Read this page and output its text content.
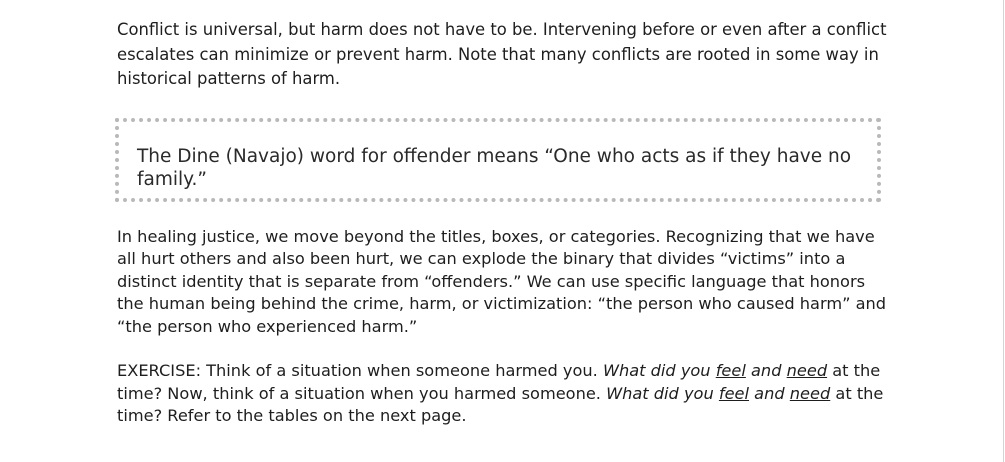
Conflict is universal, but harm does not have to be. Intervening before or even after a conflict escalates can minimize or prevent harm. Note that many conflicts are rooted in some way in historical patterns of harm.

The Dine (Navajo) word for offender means “One who acts as if they have no family.”

In healing justice, we move beyond the titles, boxes, or categories. Recognizing that we have all hurt others and also been hurt, we can explode the binary that divides “victims” into a distinct identity that is separate from “offenders.” We can use specific language that honors the human being behind the crime, harm, or victimization: “the person who caused harm” and “the person who experienced harm.”

EXERCISE: Think of a situation when someone harmed you. What did you feel and need at the time? Now, think of a situation when you harmed someone. What did you feel and need at the time? Refer to the tables on the next page.
